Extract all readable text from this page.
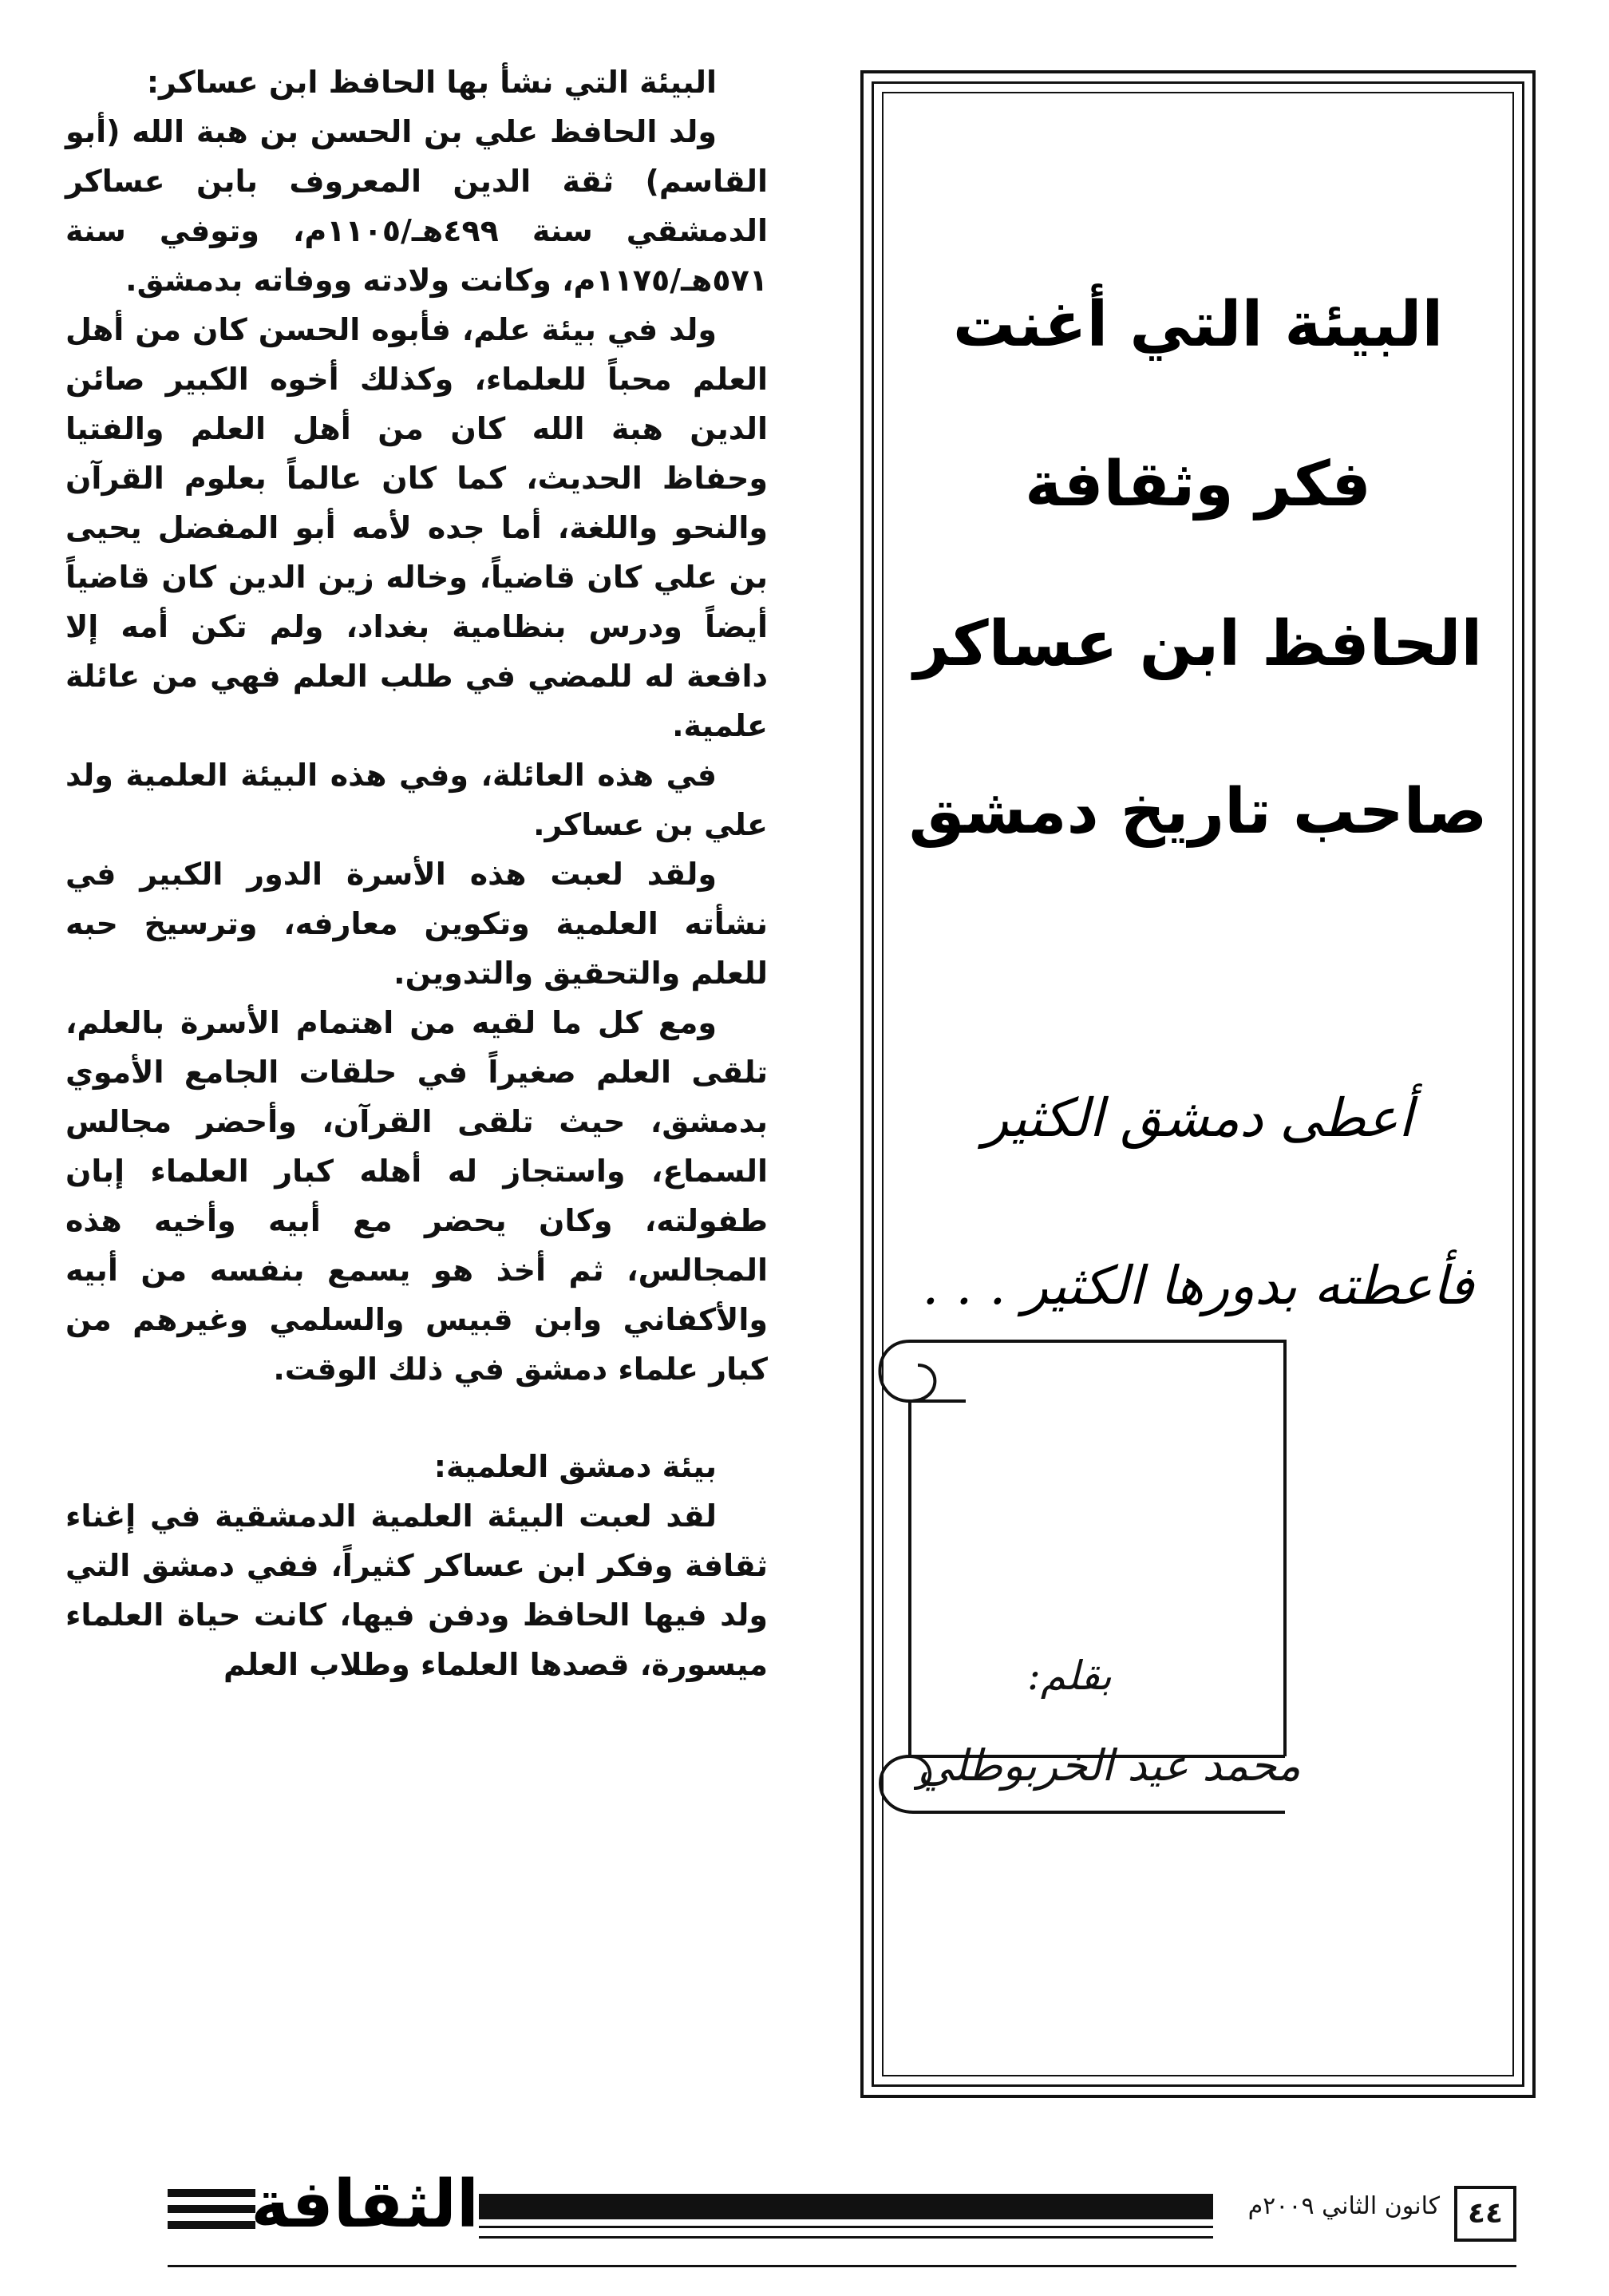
البيئة التي أغنت
فكر وثقافة
الحافظ ابن عساكر
صاحب تاريخ دمشق
أعطى دمشق الكثير
فأعطته بدورها الكثير . . .
بقلم:
محمد عيد الخربوطلي
البيئة التي نشأ بها الحافظ ابن عساكر:

ولد الحافظ علي بن الحسن بن هبة الله (أبو القاسم) ثقة الدين المعروف بابن عساكر الدمشقي سنة ٤٩٩هـ/١١٠٥م، وتوفي سنة ٥٧١هـ/١١٧٥م، وكانت ولادته ووفاته بدمشق.

ولد في بيئة علم، فأبوه الحسن كان من أهل العلم محباً للعلماء، وكذلك أخوه الكبير صائن الدين هبة الله كان من أهل العلم والفتيا وحفاظ الحديث، كما كان عالماً بعلوم القرآن والنحو واللغة، أما جده لأمه أبو المفضل يحيى بن علي كان قاضياً، وخاله زين الدين كان قاضياً أيضاً ودرس بنظامية بغداد، ولم تكن أمه إلا دافعة له للمضي في طلب العلم فهي من عائلة علمية.

في هذه العائلة، وفي هذه البيئة العلمية ولد علي بن عساكر.

ولقد لعبت هذه الأسرة الدور الكبير في نشأته العلمية وتكوين معارفه، وترسيخ حبه للعلم والتحقيق والتدوين.

ومع كل ما لقيه من اهتمام الأسرة بالعلم، تلقى العلم صغيراً في حلقات الجامع الأموي بدمشق، حيث تلقى القرآن، وأحضر مجالس السماع، واستجاز له أهله كبار العلماء إبان طفولته، وكان يحضر مع أبيه وأخيه هذه المجالس، ثم أخذ هو يسمع بنفسه من أبيه والأكفاني وابن قبيس والسلمي وغيرهم من كبار علماء دمشق في ذلك الوقت.

بيئة دمشق العلمية:

لقد لعبت البيئة العلمية الدمشقية في إغناء ثقافة وفكر ابن عساكر كثيراً، ففي دمشق التي ولد فيها الحافظ ودفن فيها، كانت حياة العلماء ميسورة، قصدها العلماء وطلاب العلم

الثقافة	كانون الثاني ٢٠٠٩م ٤٤
